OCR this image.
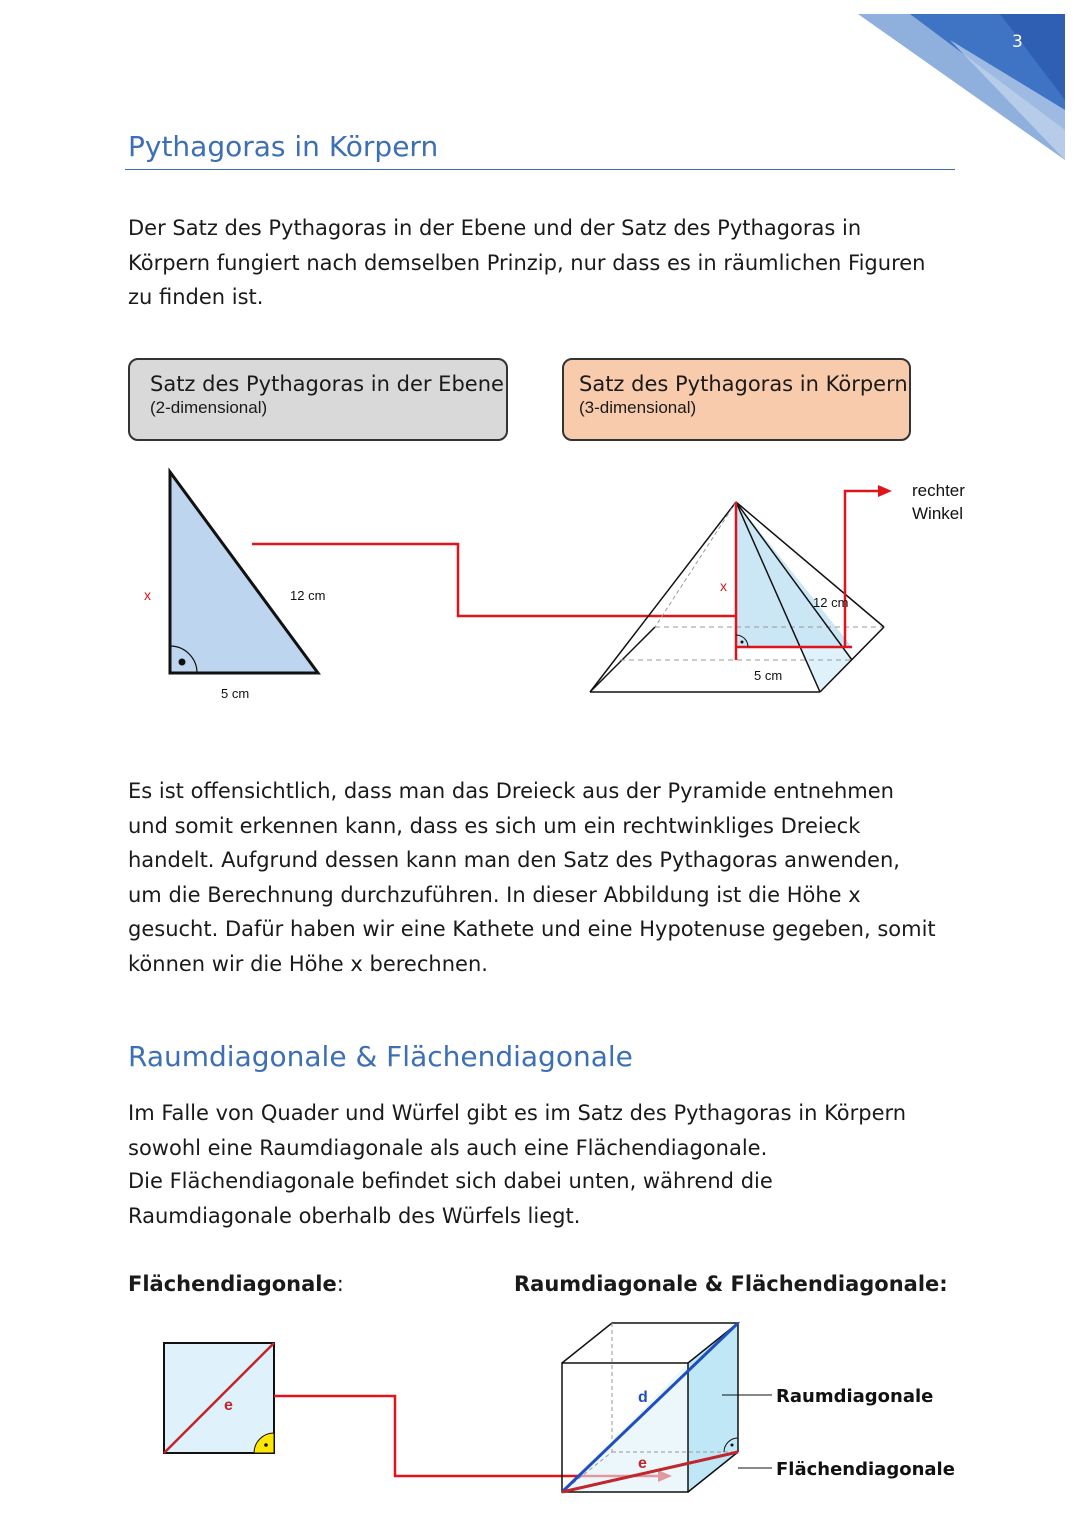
3
Pythagoras in Körpern

Der Satz des Pythagoras in der Ebene und der Satz des Pythagoras in Körpern fungiert nach demselben Prinzip, nur dass es in räumlichen Figuren zu finden ist.

Satz des Pythagoras in der Ebene
(2-dimensional)
Satz des Pythagoras in Körpern
(3-dimensional)
x	12 cm
5 cm
x
12 cm
5 cm
rechter
Winkel

Es ist offensichtlich, dass man das Dreieck aus der Pyramide entnehmen und somit erkennen kann, dass es sich um ein rechtwinkliges Dreieck handelt. Aufgrund dessen kann man den Satz des Pythagoras anwenden, um die Berechnung durchzuführen. In dieser Abbildung ist die Höhe x gesucht. Dafür haben wir eine Kathete und eine Hypotenuse gegeben, somit können wir die Höhe x berechnen.

Raumdiagonale & Flächendiagonale

Im Falle von Quader und Würfel gibt es im Satz des Pythagoras in Körpern sowohl eine Raumdiagonale als auch eine Flächendiagonale.

Die Flächendiagonale befindet sich dabei unten, während die Raumdiagonale oberhalb des Würfels liegt.

Flächendiagonale:	Raumdiagonale & Flächendiagonale:
e	d
e
Raumdiagonale
Flächendiagonale
